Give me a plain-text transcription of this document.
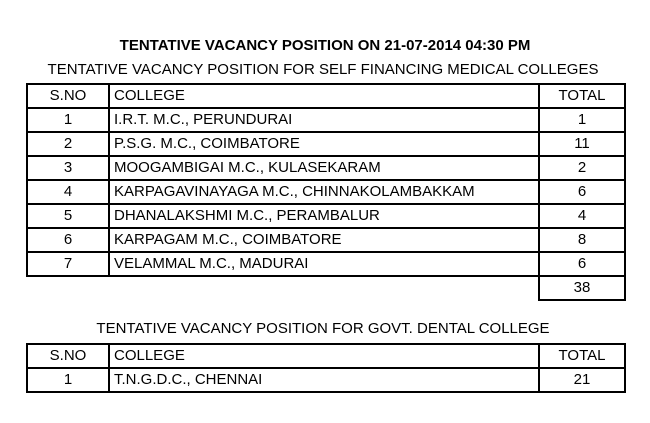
TENTATIVE VACANCY POSITION ON 21-07-2014 04:30 PM
TENTATIVE VACANCY POSITION FOR SELF FINANCING MEDICAL COLLEGES
S.NO	COLLEGE	TOTAL
1	I.R.T. M.C., PERUNDURAI	1
2	P.S.G. M.C., COIMBATORE	11
3	MOOGAMBIGAI M.C., KULASEKARAM	2
4	KARPAGAVINAYAGA M.C., CHINNAKOLAMBAKKAM	6
5	DHANALAKSHMI M.C., PERAMBALUR	4
6	KARPAGAM M.C., COIMBATORE	8
7	VELAMMAL M.C., MADURAI	6
		38
TENTATIVE VACANCY POSITION FOR GOVT. DENTAL COLLEGE
S.NO	COLLEGE	TOTAL
1	T.N.G.D.C., CHENNAI	21
